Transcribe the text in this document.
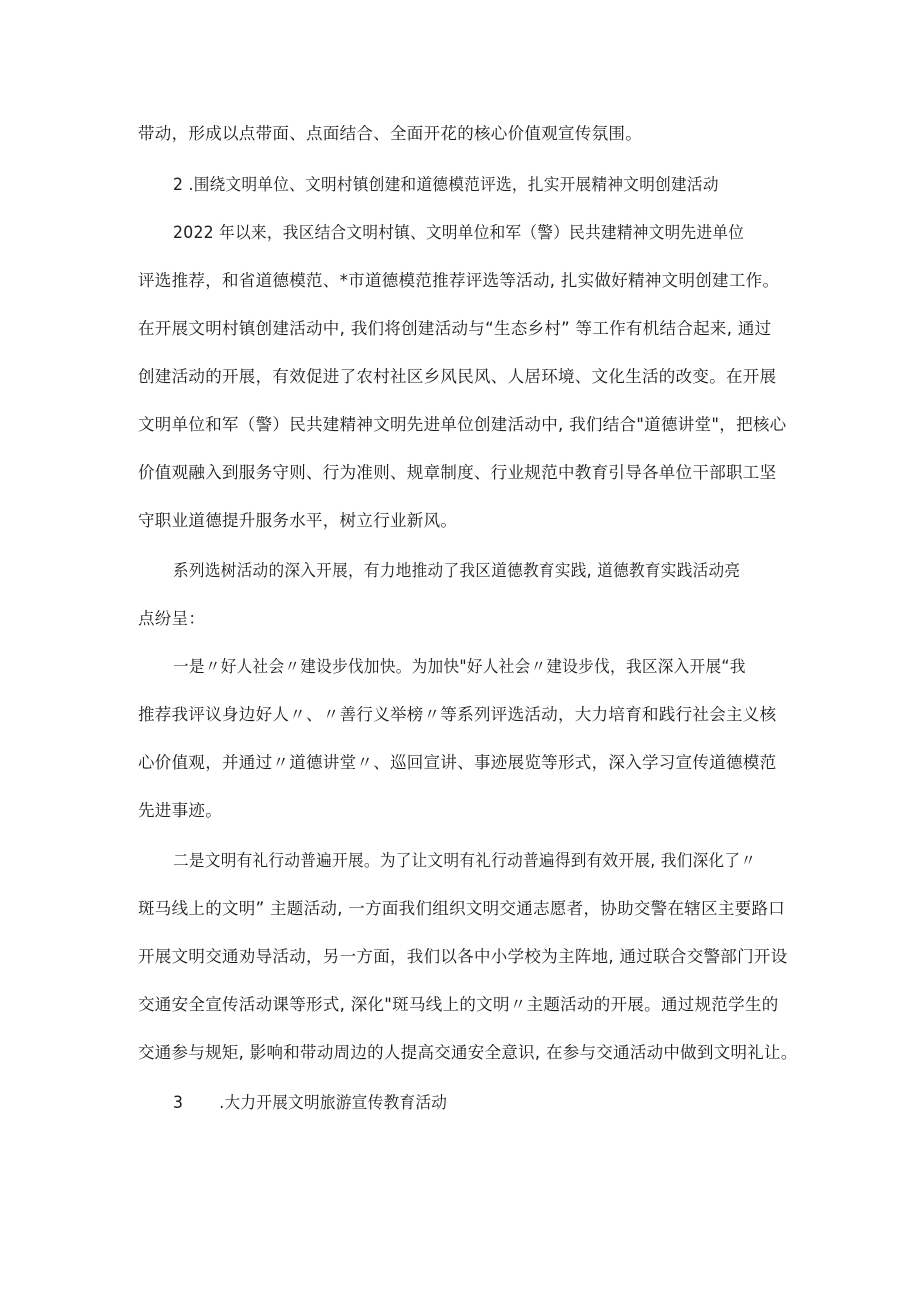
带动，形成以点带面、点面结合、全面开花的核心价值观宣传氛围。
2 .围绕文明单位、文明村镇创建和道德模范评选，扎实开展精神文明创建活动
2022 年以来，我区结合文明村镇、文明单位和军（警）民共建精神文明先进单位
评选推荐，和省道德模范、*市道德模范推荐评选等活动, 扎实做好精神文明创建工作。
在开展文明村镇创建活动中, 我们将创建活动与“生态乡村” 等工作有机结合起来, 通过
创建活动的开展，有效促进了农村社区乡风民风、人居环境、文化生活的改变。在开展
文明单位和军（警）民共建精神文明先进单位创建活动中, 我们结合"道德讲堂"，把核心
价值观融入到服务守则、行为准则、规章制度、行业规范中教育引导各单位干部职工坚
守职业道德提升服务水平，树立行业新风。
系列选树活动的深入开展，有力地推动了我区道德教育实践, 道德教育实践活动亮
点纷呈：
一是〃好人社会〃建设步伐加快。为加快"好人社会〃建设步伐，我区深入开展“我
推荐我评议身边好人〃、〃善行义举榜〃等系列评选活动，大力培育和践行社会主义核
心价值观，并通过〃道德讲堂〃、巡回宣讲、事迹展览等形式，深入学习宣传道德模范
先进事迹。
二是文明有礼行动普遍开展。为了让文明有礼行动普遍得到有效开展, 我们深化了〃
斑马线上的文明” 主题活动, 一方面我们组织文明交通志愿者，协助交警在辖区主要路口
开展文明交通劝导活动，另一方面，我们以各中小学校为主阵地, 通过联合交警部门开设
交通安全宣传活动课等形式, 深化"斑马线上的文明〃主题活动的开展。通过规范学生的
交通参与规矩, 影响和带动周边的人提高交通安全意识, 在参与交通活动中做到文明礼让。
3 .大力开展文明旅游宣传教育活动
